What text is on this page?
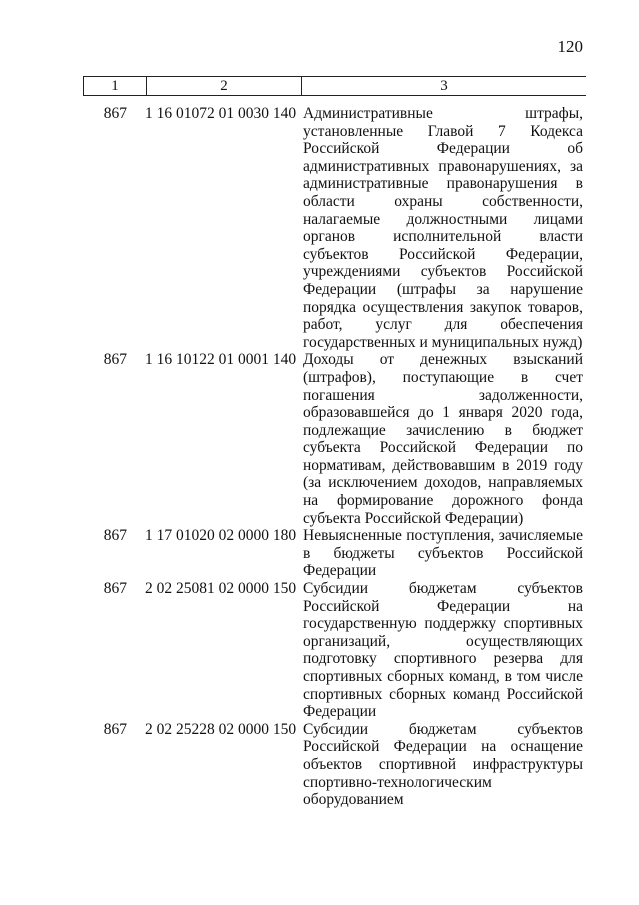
120
1	2	3
867	1 16 01072 01 0030 140 Административные штрафы, установленные Главой 7 Кодекса Российской Федерации об административных правонарушениях, за административные правонарушения в области охраны собственности, налагаемые должностными лицами органов исполнительной власти субъектов Российской Федерации, учреждениями субъектов Российской Федерации (штрафы за нарушение порядка осуществления закупок товаров, работ, услуг для обеспечения государственных и муниципальных нужд)
867	1 16 10122 01 0001 140 Доходы от денежных взысканий (штрафов), поступающие в счет погашения задолженности, образовавшейся до 1 января 2020 года, подлежащие зачислению в бюджет субъекта Российской Федерации по нормативам, действовавшим в 2019 году (за исключением доходов, направляемых на формирование дорожного фонда субъекта Российской Федерации)
867	1 17 01020 02 0000 180 Невыясненные поступления, зачисляемые в бюджеты субъектов Российской Федерации
867	2 02 25081 02 0000 150 Субсидии бюджетам субъектов Российской Федерации на государственную поддержку спортивных организаций, осуществляющих подготовку спортивного резерва для спортивных сборных команд, в том числе спортивных сборных команд Российской Федерации
867	2 02 25228 02 0000 150 Субсидии бюджетам субъектов Российской Федерации на оснащение объектов спортивной инфраструктуры спортивно-технологическим оборудованием
